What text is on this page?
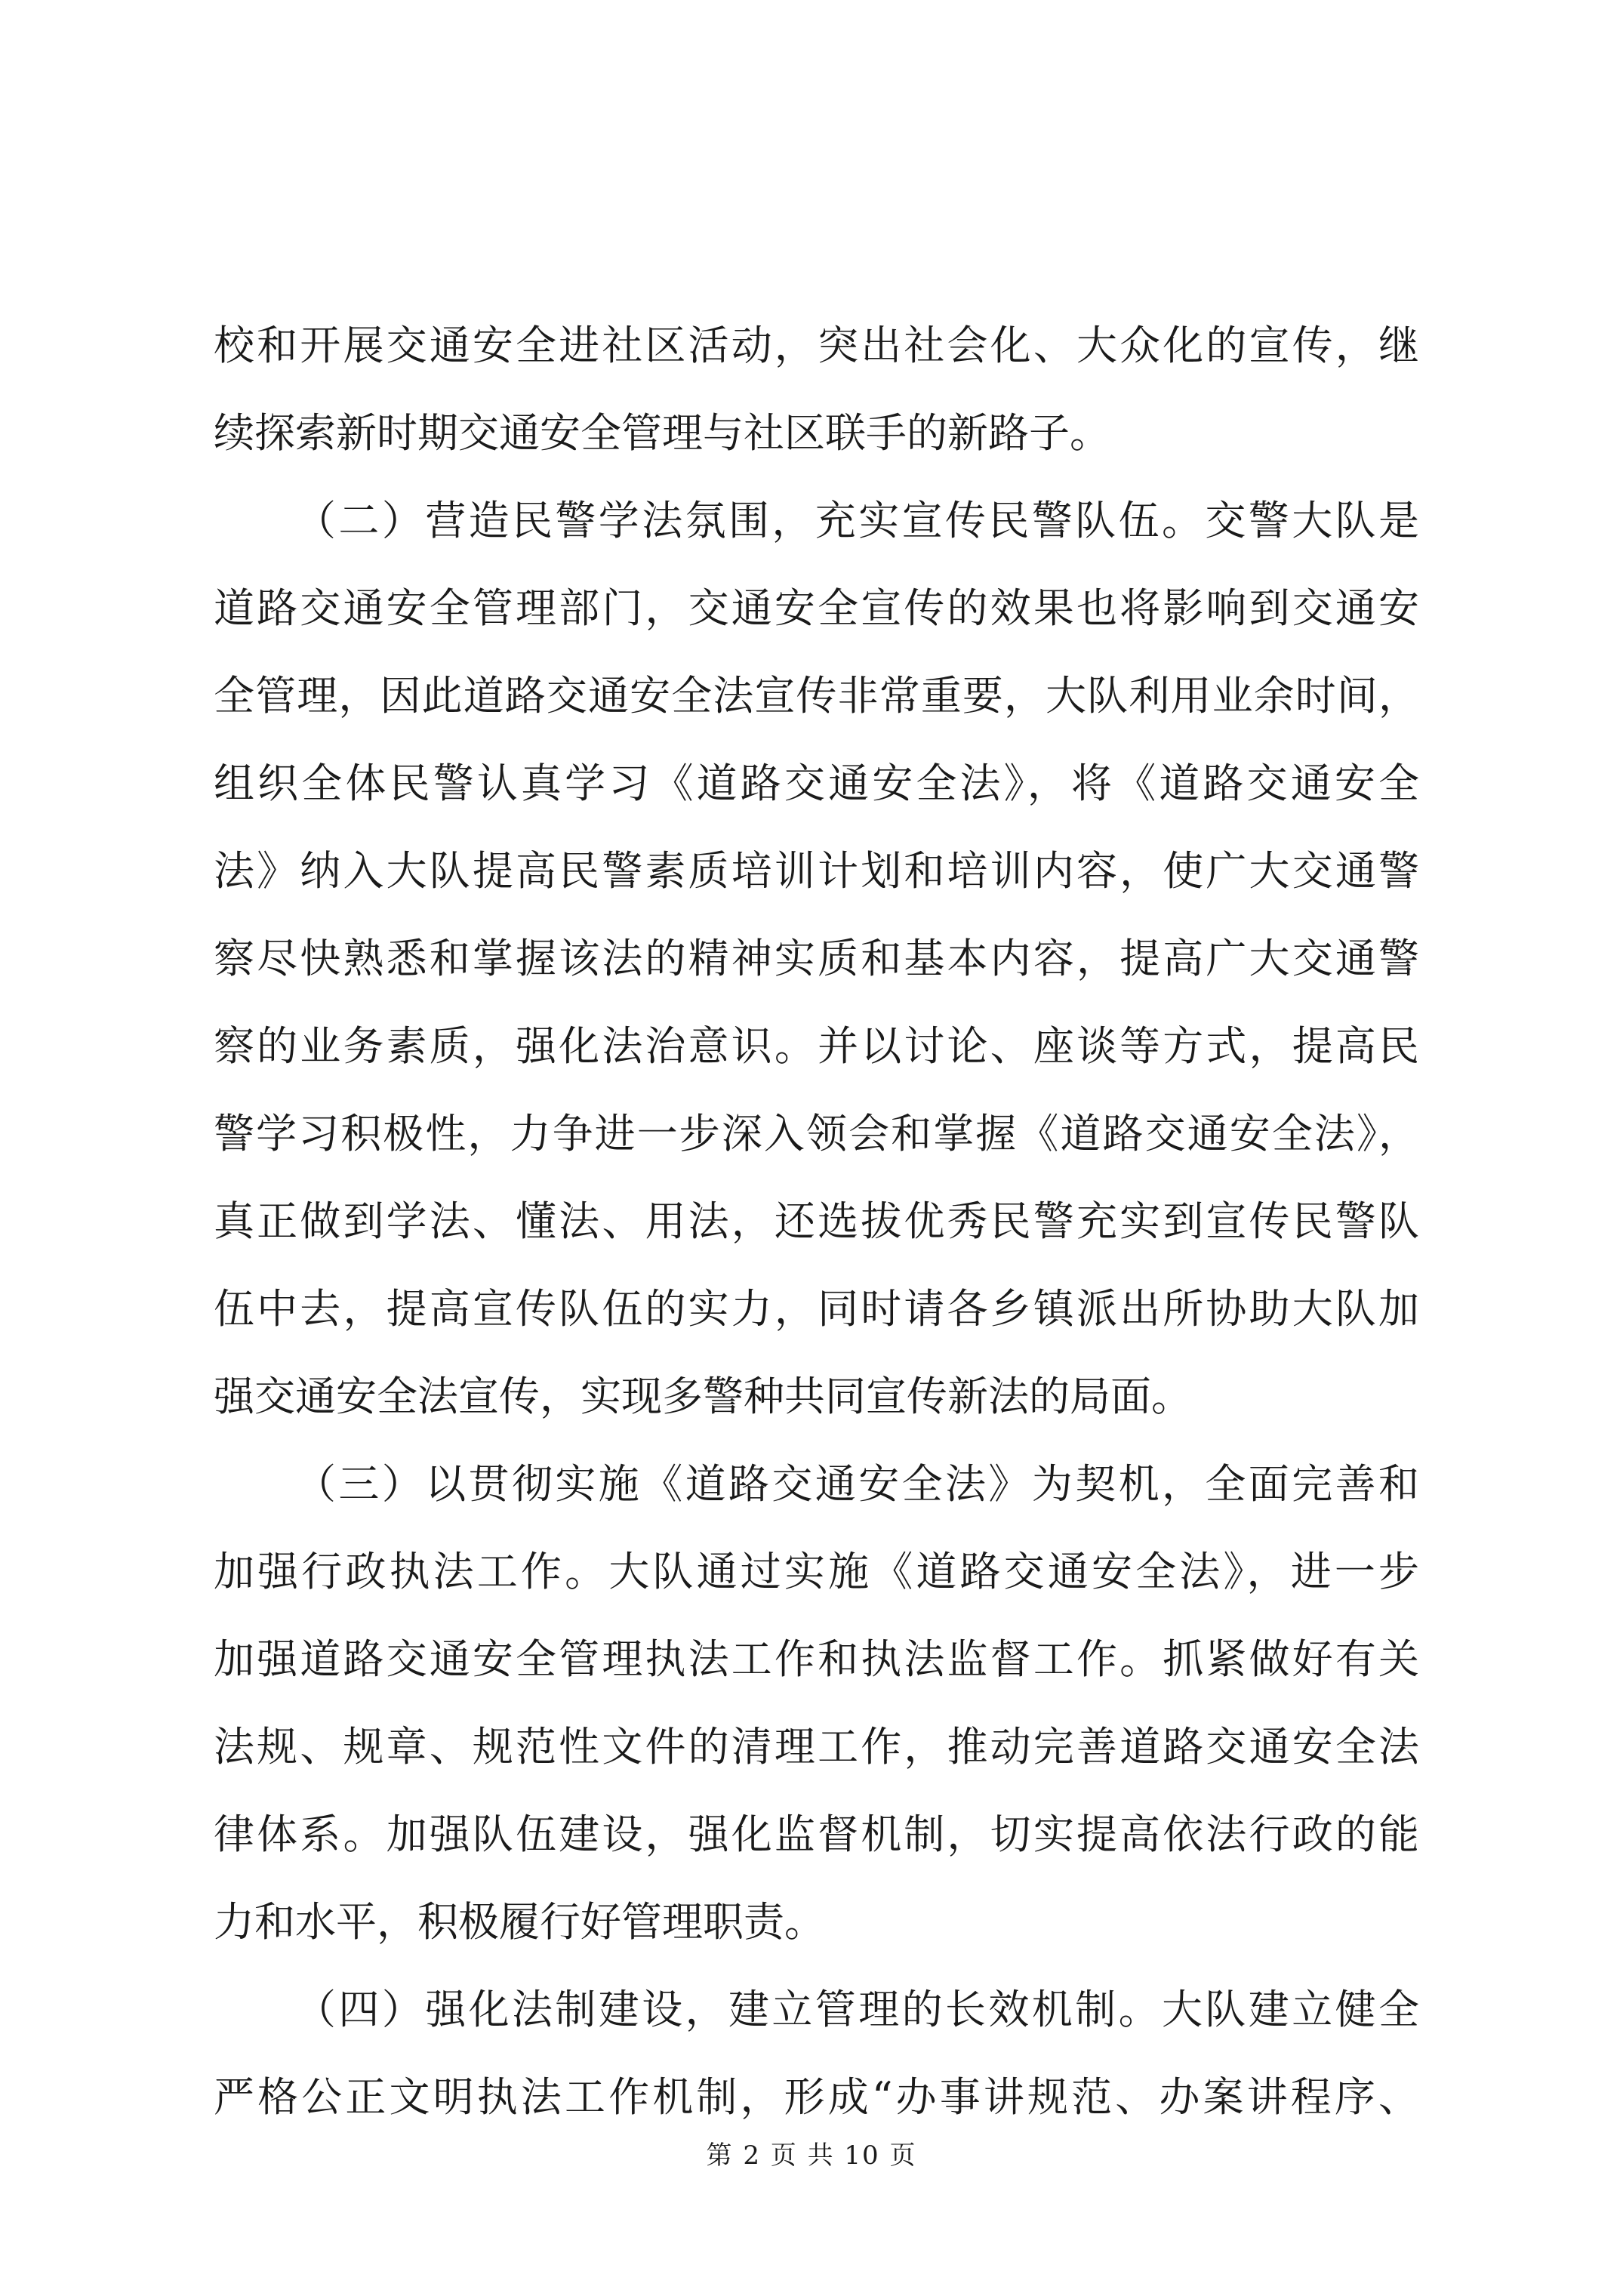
校和开展交通安全进社区活动，突出社会化、大众化的宣传，继
续探索新时期交通安全管理与社区联手的新路子。
（二）营造民警学法氛围，充实宣传民警队伍。交警大队是
道路交通安全管理部门，交通安全宣传的效果也将影响到交通安
全管理，因此道路交通安全法宣传非常重要，大队利用业余时间，
组织全体民警认真学习《道路交通安全法》，将《道路交通安全
法》纳入大队提高民警素质培训计划和培训内容，使广大交通警
察尽快熟悉和掌握该法的精神实质和基本内容，提高广大交通警
察的业务素质，强化法治意识。并以讨论、座谈等方式，提高民
警学习积极性，力争进一步深入领会和掌握《道路交通安全法》，
真正做到学法、懂法、用法，还选拔优秀民警充实到宣传民警队
伍中去，提高宣传队伍的实力，同时请各乡镇派出所协助大队加
强交通安全法宣传，实现多警种共同宣传新法的局面。
（三）以贯彻实施《道路交通安全法》为契机，全面完善和
加强行政执法工作。大队通过实施《道路交通安全法》，进一步
加强道路交通安全管理执法工作和执法监督工作。抓紧做好有关
法规、规章、规范性文件的清理工作，推动完善道路交通安全法
律体系。加强队伍建设，强化监督机制，切实提高依法行政的能
力和水平，积极履行好管理职责。
（四）强化法制建设，建立管理的长效机制。大队建立健全
严格公正文明执法工作机制，形成“办事讲规范、办案讲程序、
第 2 页 共 10 页
